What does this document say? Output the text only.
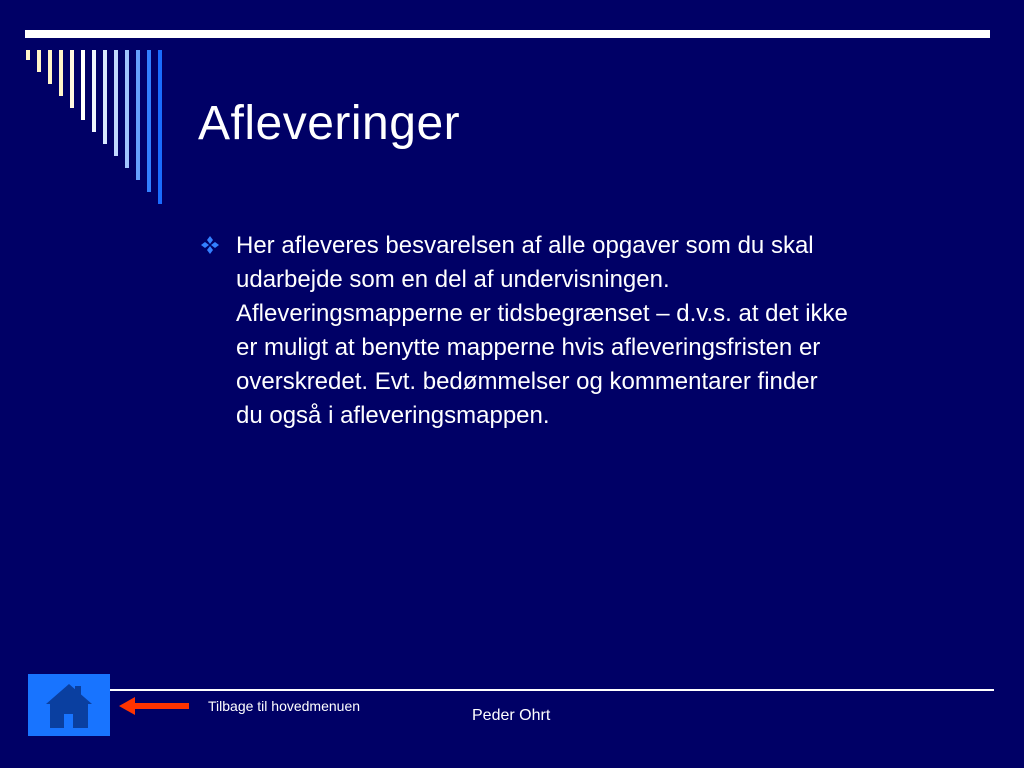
Afleveringer
Her afleveres besvarelsen af alle opgaver som du skal
udarbejde som en del af undervisningen.
Afleveringsmapperne er tidsbegrænset – d.v.s. at det ikke
er muligt at benytte mapperne hvis afleveringsfristen er
overskredet. Evt. bedømmelser og kommentarer finder
du også i afleveringsmappen.
Tilbage til hovedmenuen
Peder Ohrt
